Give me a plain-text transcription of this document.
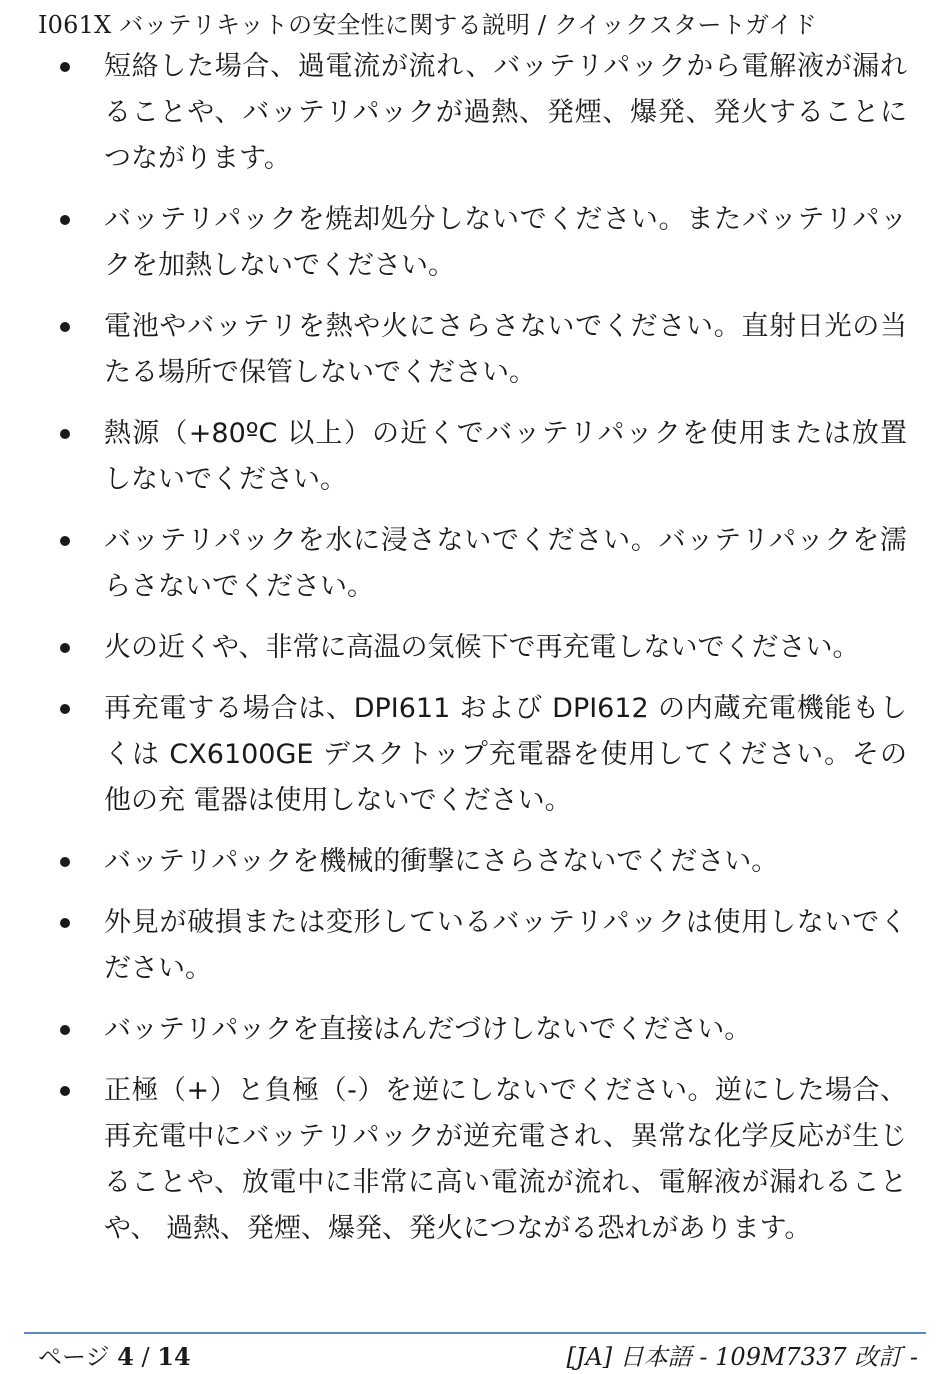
I061X バッテリキットの安全性に関する説明 / クイックスタートガイド
短絡した場合、過電流が流れ、バッテリパックから電解液が漏れることや、バッテリパックが過熱、発煙、爆発、発火することにつながります。
バッテリパックを焼却処分しないでください。またバッテリパックを加熱しないでください。
電池やバッテリを熱や火にさらさないでください。直射日光の当たる場所で保管しないでください。
熱源（+80ºC 以上）の近くでバッテリパックを使用または放置 しないでください。
バッテリパックを水に浸さないでください。バッテリパックを濡らさないでください。
火の近くや、非常に高温の気候下で再充電しないでください。
再充電する場合は、DPI611 および DPI612 の内蔵充電機能もしくは CX6100GE デスクトップ充電器を使用してください。その他の充 電器は使用しないでください。
バッテリパックを機械的衝撃にさらさないでください。
外見が破損または変形しているバッテリパックは使用しないでく ださい。
バッテリパックを直接はんだづけしないでください。
正極（+）と負極（-）を逆にしないでください。逆にした場合、 再充電中にバッテリパックが逆充電され、異常な化学反応が生じることや、放電中に非常に高い電流が流れ、電解液が漏れることや、 過熱、発煙、爆発、発火につながる恐れがあります。
ページ 4 / 14	[JA] 日本語 - 109M7337 改訂 -
